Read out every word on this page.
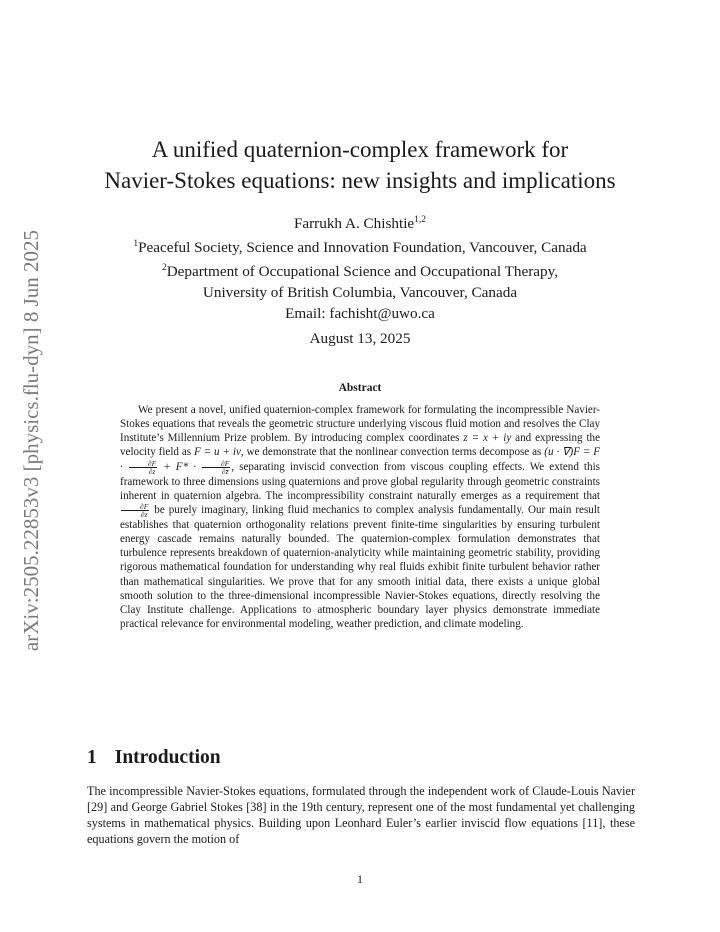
arXiv:2505.22853v3 [physics.flu-dyn] 8 Jun 2025
A unified quaternion-complex framework for
Navier-Stokes equations: new insights and implications
Farrukh A. Chishtie$^{1,2}$
$^1$Peaceful Society, Science and Innovation Foundation, Vancouver, Canada
$^2$Department of Occupational Science and Occupational Therapy,
University of British Columbia, Vancouver, Canada
Email: fachisht@uwo.ca
August 13, 2025
Abstract

We present a novel, unified quaternion-complex framework for formulating the incompressible Navier-Stokes equations that reveals the geometric structure underlying viscous fluid motion and resolves the Clay Institute’s Millennium Prize problem. By introducing complex coordinates z = x + iy and expressing the velocity field as F = u + iv, we demonstrate that the nonlinear convection terms decompose as $(u \cdot \nabla)F = F \cdot \frac{\partial F}{\partial z} + F* \cdot \frac{\partial F}{\partial z̄}$ , separating inviscid convection from viscous coupling effects. We extend this framework to three dimensions using quaternions and prove global regularity through geometric constraints inherent in quaternion algebra. The incompressibility constraint naturally emerges as a requirement that
$\frac{\partial F}{\partial z}$ be purely imaginary, linking fluid mechanics to complex analysis fundamentally. Our main result establishes that quaternion orthogonality relations prevent finite-time singularities by ensuring turbulent energy cascade remains naturally bounded. The quaternion-complex formulation demonstrates that turbulence represents breakdown of quaternion-analyticity while maintaining geometric stability, providing rigorous mathematical foundation for understanding why real fluids exhibit finite turbulent behavior rather than mathematical singularities. We prove that for any smooth initial data, there exists a unique global smooth solution to the three-dimensional incompressible Navier-Stokes equations, directly resolving the Clay Institute challenge. Applications to atmospheric boundary layer physics demonstrate immediate practical relevance for environmental modeling, weather prediction, and climate modeling.

1 Introduction

The incompressible Navier-Stokes equations, formulated through the independent work of Claude-Louis Navier [29] and George Gabriel Stokes [38] in the 19th century, represent one of the most fundamental yet challenging systems in mathematical physics. Building upon Leonhard Euler’s earlier inviscid flow equations [11], these equations govern the motion of

1
